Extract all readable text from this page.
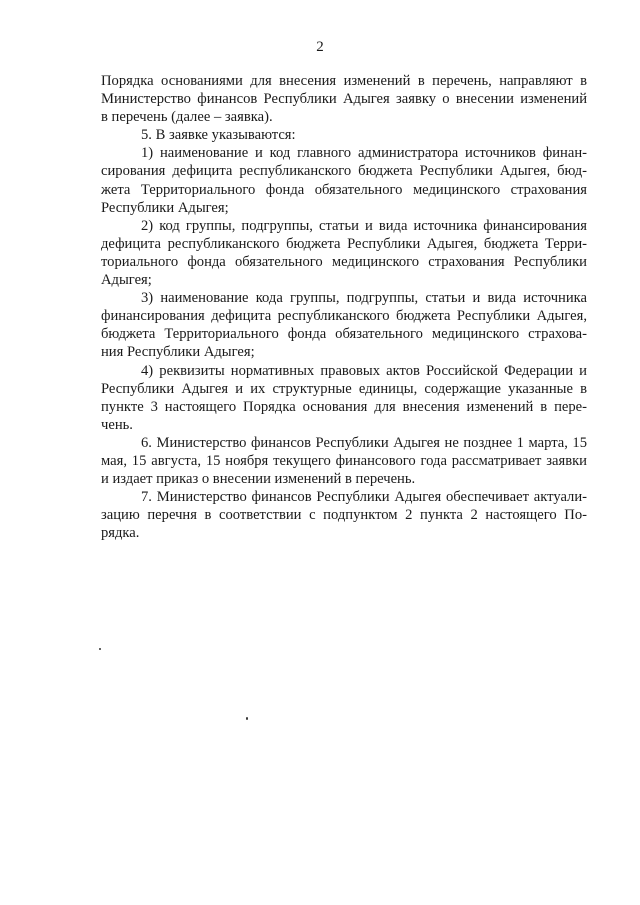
2
Порядка основаниями для внесения изменений в перечень, направляют в
Министерство финансов Республики Адыгея заявку о внесении изменений
в перечень (далее – заявка).
5. В заявке указываются:
1) наименование и код главного администратора источников финан-
сирования дефицита республиканского бюджета Республики Адыгея, бюд-
жета Территориального фонда обязательного медицинского страхования
Республики Адыгея;
2) код группы, подгруппы, статьи и вида источника финансирования
дефицита республиканского бюджета Республики Адыгея, бюджета Терри-
ториального фонда обязательного медицинского страхования Республики
Адыгея;
3) наименование кода группы, подгруппы, статьи и вида источника
финансирования дефицита республиканского бюджета Республики Адыгея,
бюджета Территориального фонда обязательного медицинского страхова-
ния Республики Адыгея;
4) реквизиты нормативных правовых актов Российской Федерации и
Республики Адыгея и их структурные единицы, содержащие указанные в
пункте 3 настоящего Порядка основания для внесения изменений в пере-
чень.
6. Министерство финансов Республики Адыгея не позднее 1 марта, 15
мая, 15 августа, 15 ноября текущего финансового года рассматривает заявки
и издает приказ о внесении изменений в перечень.
7. Министерство финансов Республики Адыгея обеспечивает актуали-
зацию перечня в соответствии с подпунктом 2 пункта 2 настоящего По-
рядка.
